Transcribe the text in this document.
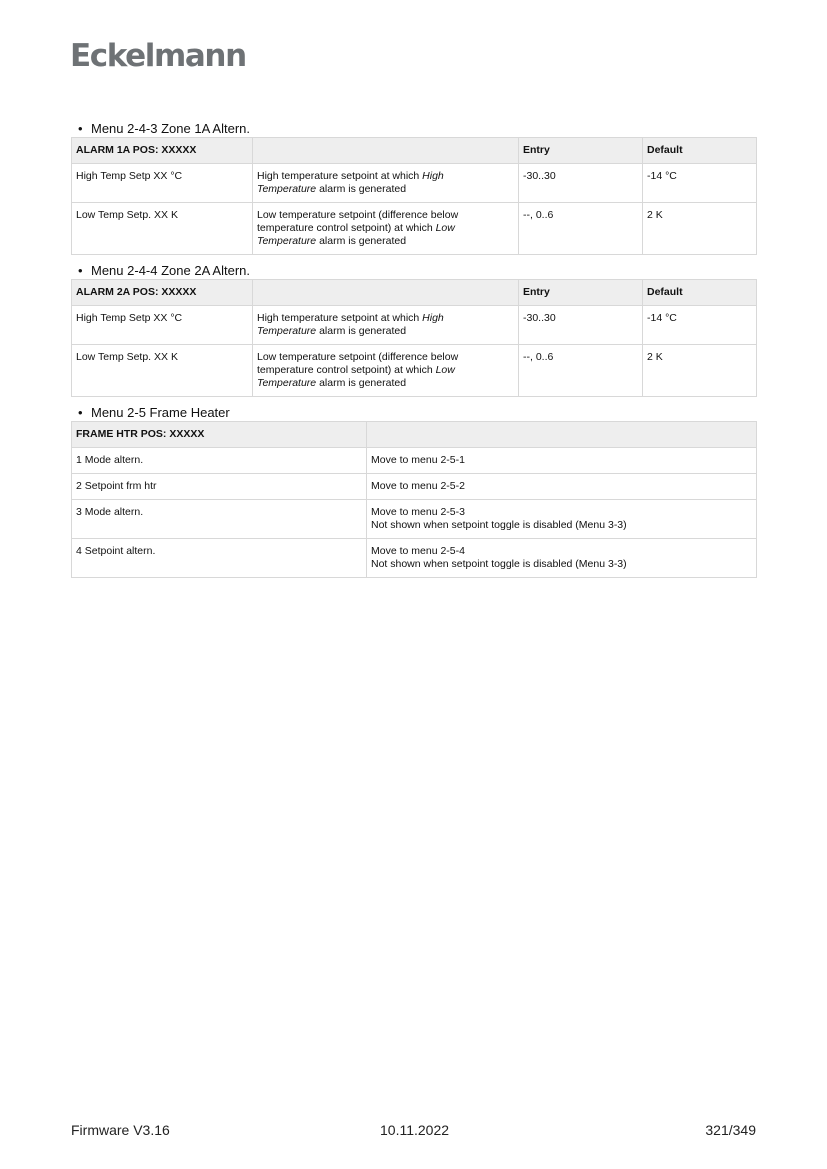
Eckelmann

• Menu 2-4-3 Zone 1A Altern.

ALARM 1A POS: XXXXX		Entry	Default
High Temp Setp XX °C	High temperature setpoint at which High
Temperature alarm is generated	-30..30	-14 °C
Low Temp Setp. XX K	Low temperature setpoint (difference below
temperature control setpoint) at which Low
Temperature alarm is generated	--, 0..6	2 K

• Menu 2-4-4 Zone 2A Altern.

ALARM 2A POS: XXXXX		Entry	Default
High Temp Setp XX °C	High temperature setpoint at which High
Temperature alarm is generated	-30..30	-14 °C
Low Temp Setp. XX K	Low temperature setpoint (difference below
temperature control setpoint) at which Low
Temperature alarm is generated	--, 0..6	2 K

• Menu 2-5 Frame Heater

FRAME HTR POS: XXXXX	
1 Mode altern.	Move to menu 2-5-1

2 Setpoint frm htr	Move to menu 2-5-2

3 Mode altern.	Move to menu 2-5-3
Not shown when setpoint toggle is disabled (Menu 3-3)

4 Setpoint altern.	Move to menu 2-5-4
Not shown when setpoint toggle is disabled (Menu 3-3)
Firmware V3.16	10.11.2022	321/349
